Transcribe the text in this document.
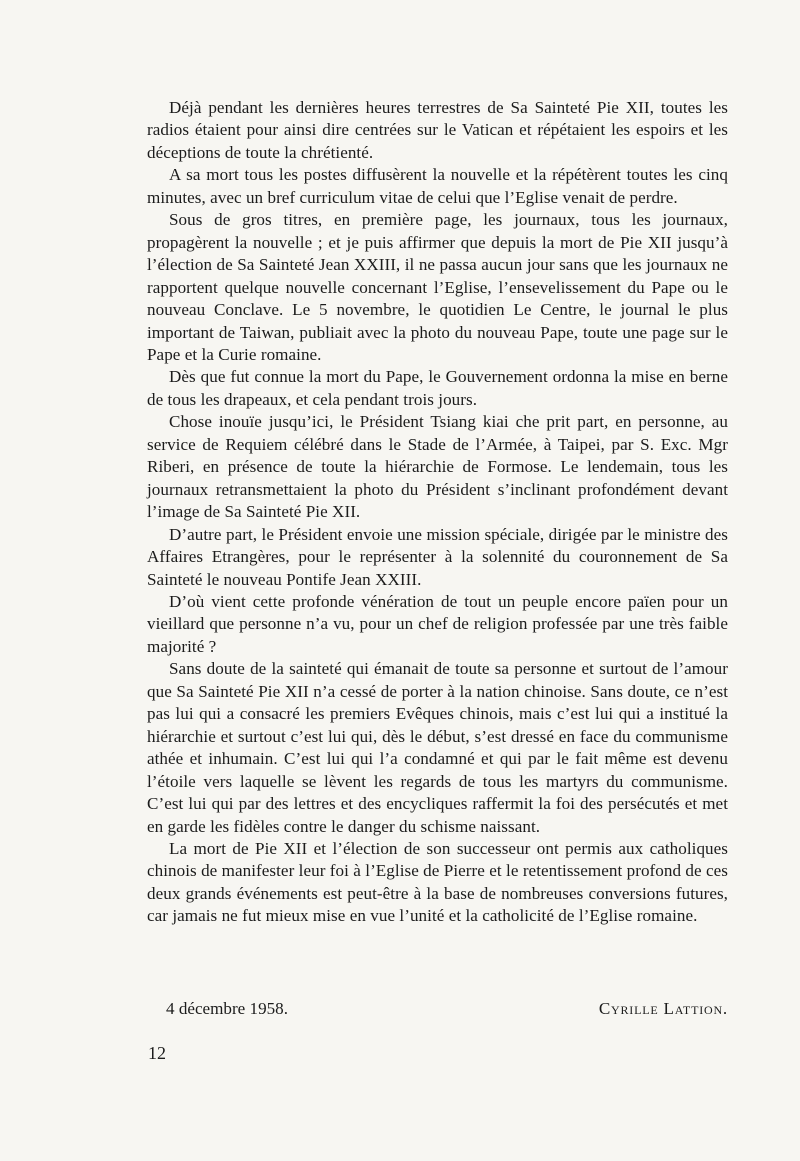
Déjà pendant les dernières heures terrestres de Sa Sainteté Pie XII, toutes les radios étaient pour ainsi dire centrées sur le Vatican et répétaient les espoirs et les déceptions de toute la chrétienté.

A sa mort tous les postes diffusèrent la nouvelle et la répétèrent toutes les cinq minutes, avec un bref curriculum vitae de celui que l’Eglise venait de perdre.

Sous de gros titres, en première page, les journaux, tous les journaux, propagèrent la nouvelle ; et je puis affirmer que depuis la mort de Pie XII jusqu’à l’élection de Sa Sainteté Jean XXIII, il ne passa aucun jour sans que les journaux ne rapportent quelque nouvelle concernant l’Eglise, l’ensevelissement du Pape ou le nouveau Conclave. Le 5 novembre, le quotidien Le Centre, le journal le plus important de Taiwan, publiait avec la photo du nouveau Pape, toute une page sur le Pape et la Curie romaine.

Dès que fut connue la mort du Pape, le Gouvernement ordonna la mise en berne de tous les drapeaux, et cela pendant trois jours.

Chose inouïe jusqu’ici, le Président Tsiang kiai che prit part, en personne, au service de Requiem célébré dans le Stade de l’Armée, à Taipei, par S. Exc. Mgr Riberi, en présence de toute la hiérarchie de Formose. Le lendemain, tous les journaux retransmettaient la photo du Président s’inclinant profondément devant l’image de Sa Sainteté Pie XII.

D’autre part, le Président envoie une mission spéciale, dirigée par le ministre des Affaires Etrangères, pour le représenter à la solennité du couronnement de Sa Sainteté le nouveau Pontife Jean XXIII.

D’où vient cette profonde vénération de tout un peuple encore païen pour un vieillard que personne n’a vu, pour un chef de religion professée par une très faible majorité ?

Sans doute de la sainteté qui émanait de toute sa personne et surtout de l’amour que Sa Sainteté Pie XII n’a cessé de porter à la nation chinoise. Sans doute, ce n’est pas lui qui a consacré les premiers Evêques chinois, mais c’est lui qui a institué la hiérarchie et surtout c’est lui qui, dès le début, s’est dressé en face du communisme athée et inhumain. C’est lui qui l’a condamné et qui par le fait même est devenu l’étoile vers laquelle se lèvent les regards de tous les martyrs du communisme. C’est lui qui par des lettres et des encycliques raffermit la foi des persécutés et met en garde les fidèles contre le danger du schisme naissant.

La mort de Pie XII et l’élection de son successeur ont permis aux catholiques chinois de manifester leur foi à l’Eglise de Pierre et le retentissement profond de ces deux grands événements est peut-être à la base de nombreuses conversions futures, car jamais ne fut mieux mise en vue l’unité et la catholicité de l’Eglise romaine.

4 décembre 1958.	Cyrille Lattion.
12
